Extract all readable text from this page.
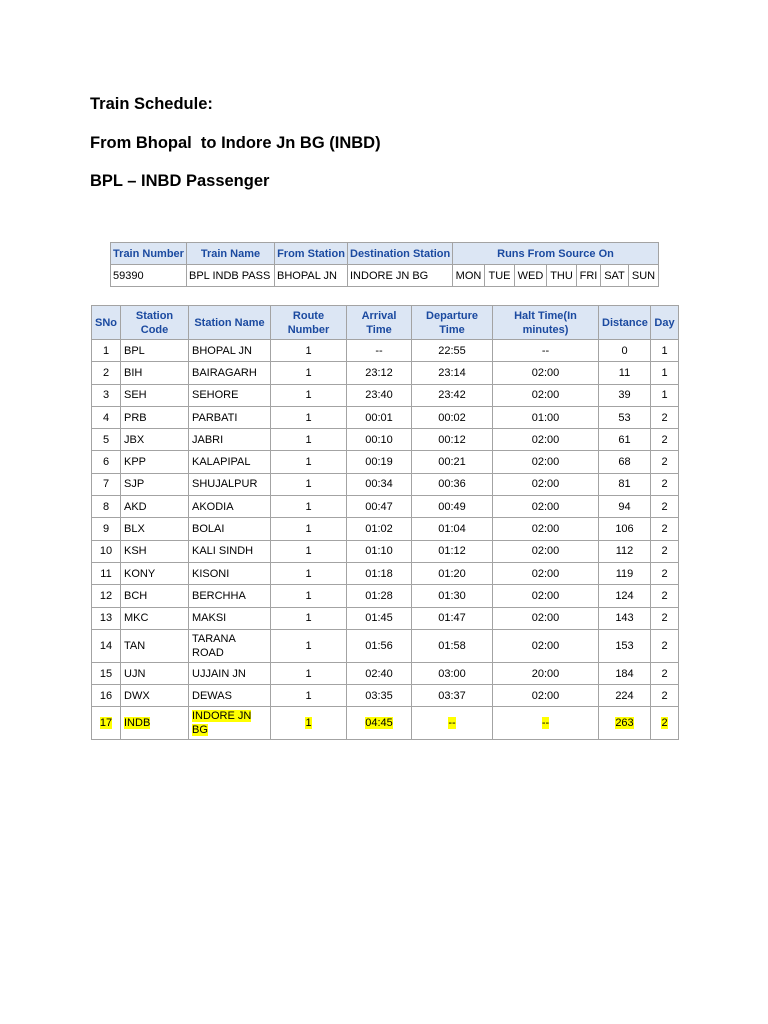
Train Schedule:
From Bhopal  to Indore Jn BG (INBD)
BPL – INBD Passenger
Train Number	Train Name	From Station	Destination Station	Runs From Source On						
59390	BPL INDB PASS	BHOPAL JN	INDORE JN BG	MON	TUE	WED	THU	FRI	SAT	SUN
SNo	Station Code	Station Name	Route Number	Arrival Time	Departure Time	Halt Time(In minutes)	Distance	Day
1	BPL	BHOPAL JN	1	--	22:55	--	0	1
2	BIH	BAIRAGARH	1	23:12	23:14	02:00	11	1
3	SEH	SEHORE	1	23:40	23:42	02:00	39	1
4	PRB	PARBATI	1	00:01	00:02	01:00	53	2
5	JBX	JABRI	1	00:10	00:12	02:00	61	2
6	KPP	KALAPIPAL	1	00:19	00:21	02:00	68	2
7	SJP	SHUJALPUR	1	00:34	00:36	02:00	81	2
8	AKD	AKODIA	1	00:47	00:49	02:00	94	2
9	BLX	BOLAI	1	01:02	01:04	02:00	106	2
10	KSH	KALI SINDH	1	01:10	01:12	02:00	112	2
11	KONY	KISONI	1	01:18	01:20	02:00	119	2
12	BCH	BERCHHA	1	01:28	01:30	02:00	124	2
13	MKC	MAKSI	1	01:45	01:47	02:00	143	2
14	TAN	TARANA ROAD	1	01:56	01:58	02:00	153	2
15	UJN	UJJAIN JN	1	02:40	03:00	20:00	184	2
16	DWX	DEWAS	1	03:35	03:37	02:00	224	2
17	INDB	INDORE JN BG	1	04:45	--	--	263	2
